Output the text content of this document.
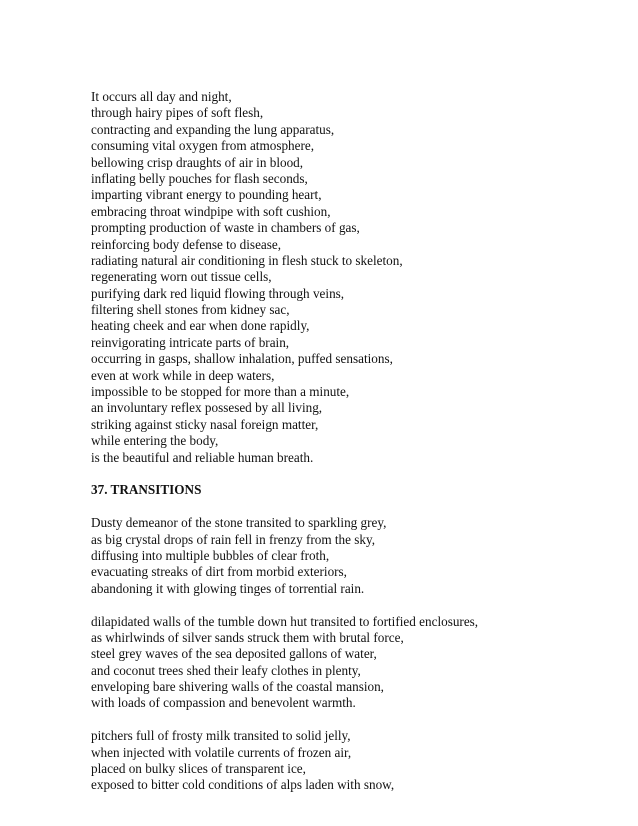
It occurs all day and night,
through hairy pipes of soft flesh,
contracting and expanding the lung apparatus,
consuming vital oxygen from atmosphere,
bellowing crisp draughts of air in blood,
inflating belly pouches for flash seconds,
imparting vibrant energy to pounding heart,
embracing throat windpipe with soft cushion,
prompting production of waste in chambers of gas,
reinforcing body defense to disease,
radiating natural air conditioning in flesh stuck to skeleton,
regenerating worn out tissue cells,
purifying dark red liquid flowing through veins,
filtering shell stones from kidney sac,
heating cheek and ear when done rapidly,
reinvigorating intricate parts of brain,
occurring in gasps, shallow inhalation, puffed sensations,
even at work while in deep waters,
impossible to be stopped for more than a minute,
an involuntary reflex possesed by all living,
striking against sticky nasal foreign matter,
while entering the body,
is the beautiful and reliable human breath.
37. TRANSITIONS
Dusty demeanor of the stone transited to sparkling grey,
as big crystal drops of rain fell in frenzy from the sky,
diffusing into multiple bubbles of clear froth,
evacuating streaks of dirt from morbid exteriors,
abandoning it with glowing tinges of torrential rain.
dilapidated walls of the tumble down hut transited to fortified enclosures,
as whirlwinds of silver sands struck them with brutal force,
steel grey waves of the sea deposited gallons of water,
and coconut trees shed their leafy clothes in plenty,
enveloping bare shivering walls of the coastal mansion,
with loads of compassion and benevolent warmth.
pitchers full of frosty milk transited to solid jelly,
when injected with volatile currents of frozen air,
placed on bulky slices of transparent ice,
exposed to bitter cold conditions of alps laden with snow,
